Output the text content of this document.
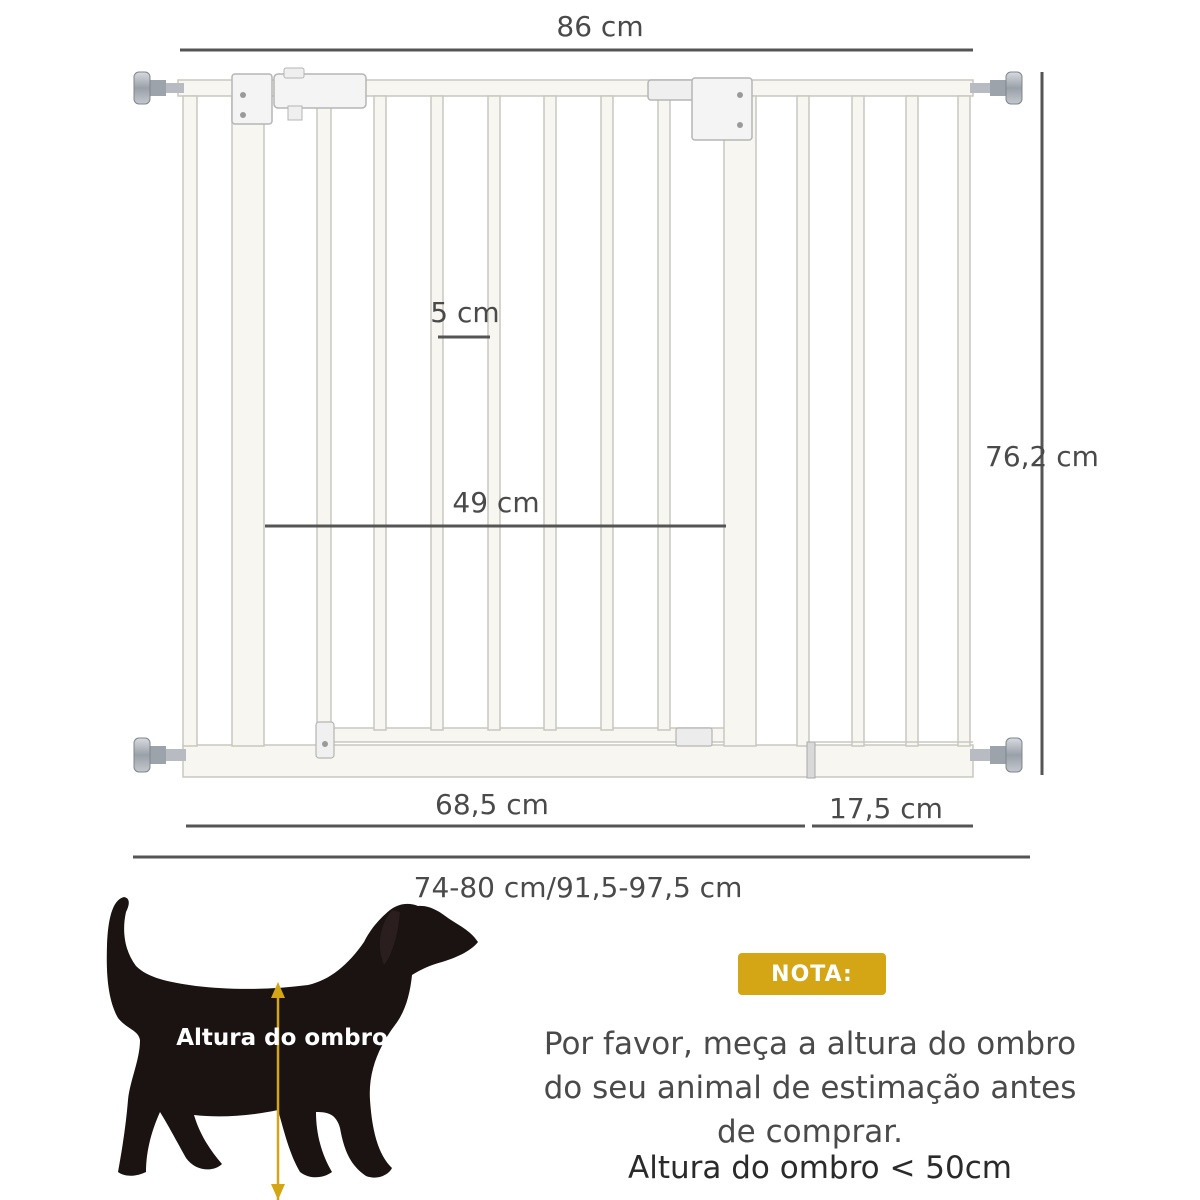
86 cm
76,2 cm
5 cm
49 cm
68,5 cm	17,5 cm
74-80 cm/91,5-97,5 cm
Altura do ombro
NOTA:
Por favor, meça a altura do ombro
do seu animal de estimação antes
de comprar.
Altura do ombro < 50cm
